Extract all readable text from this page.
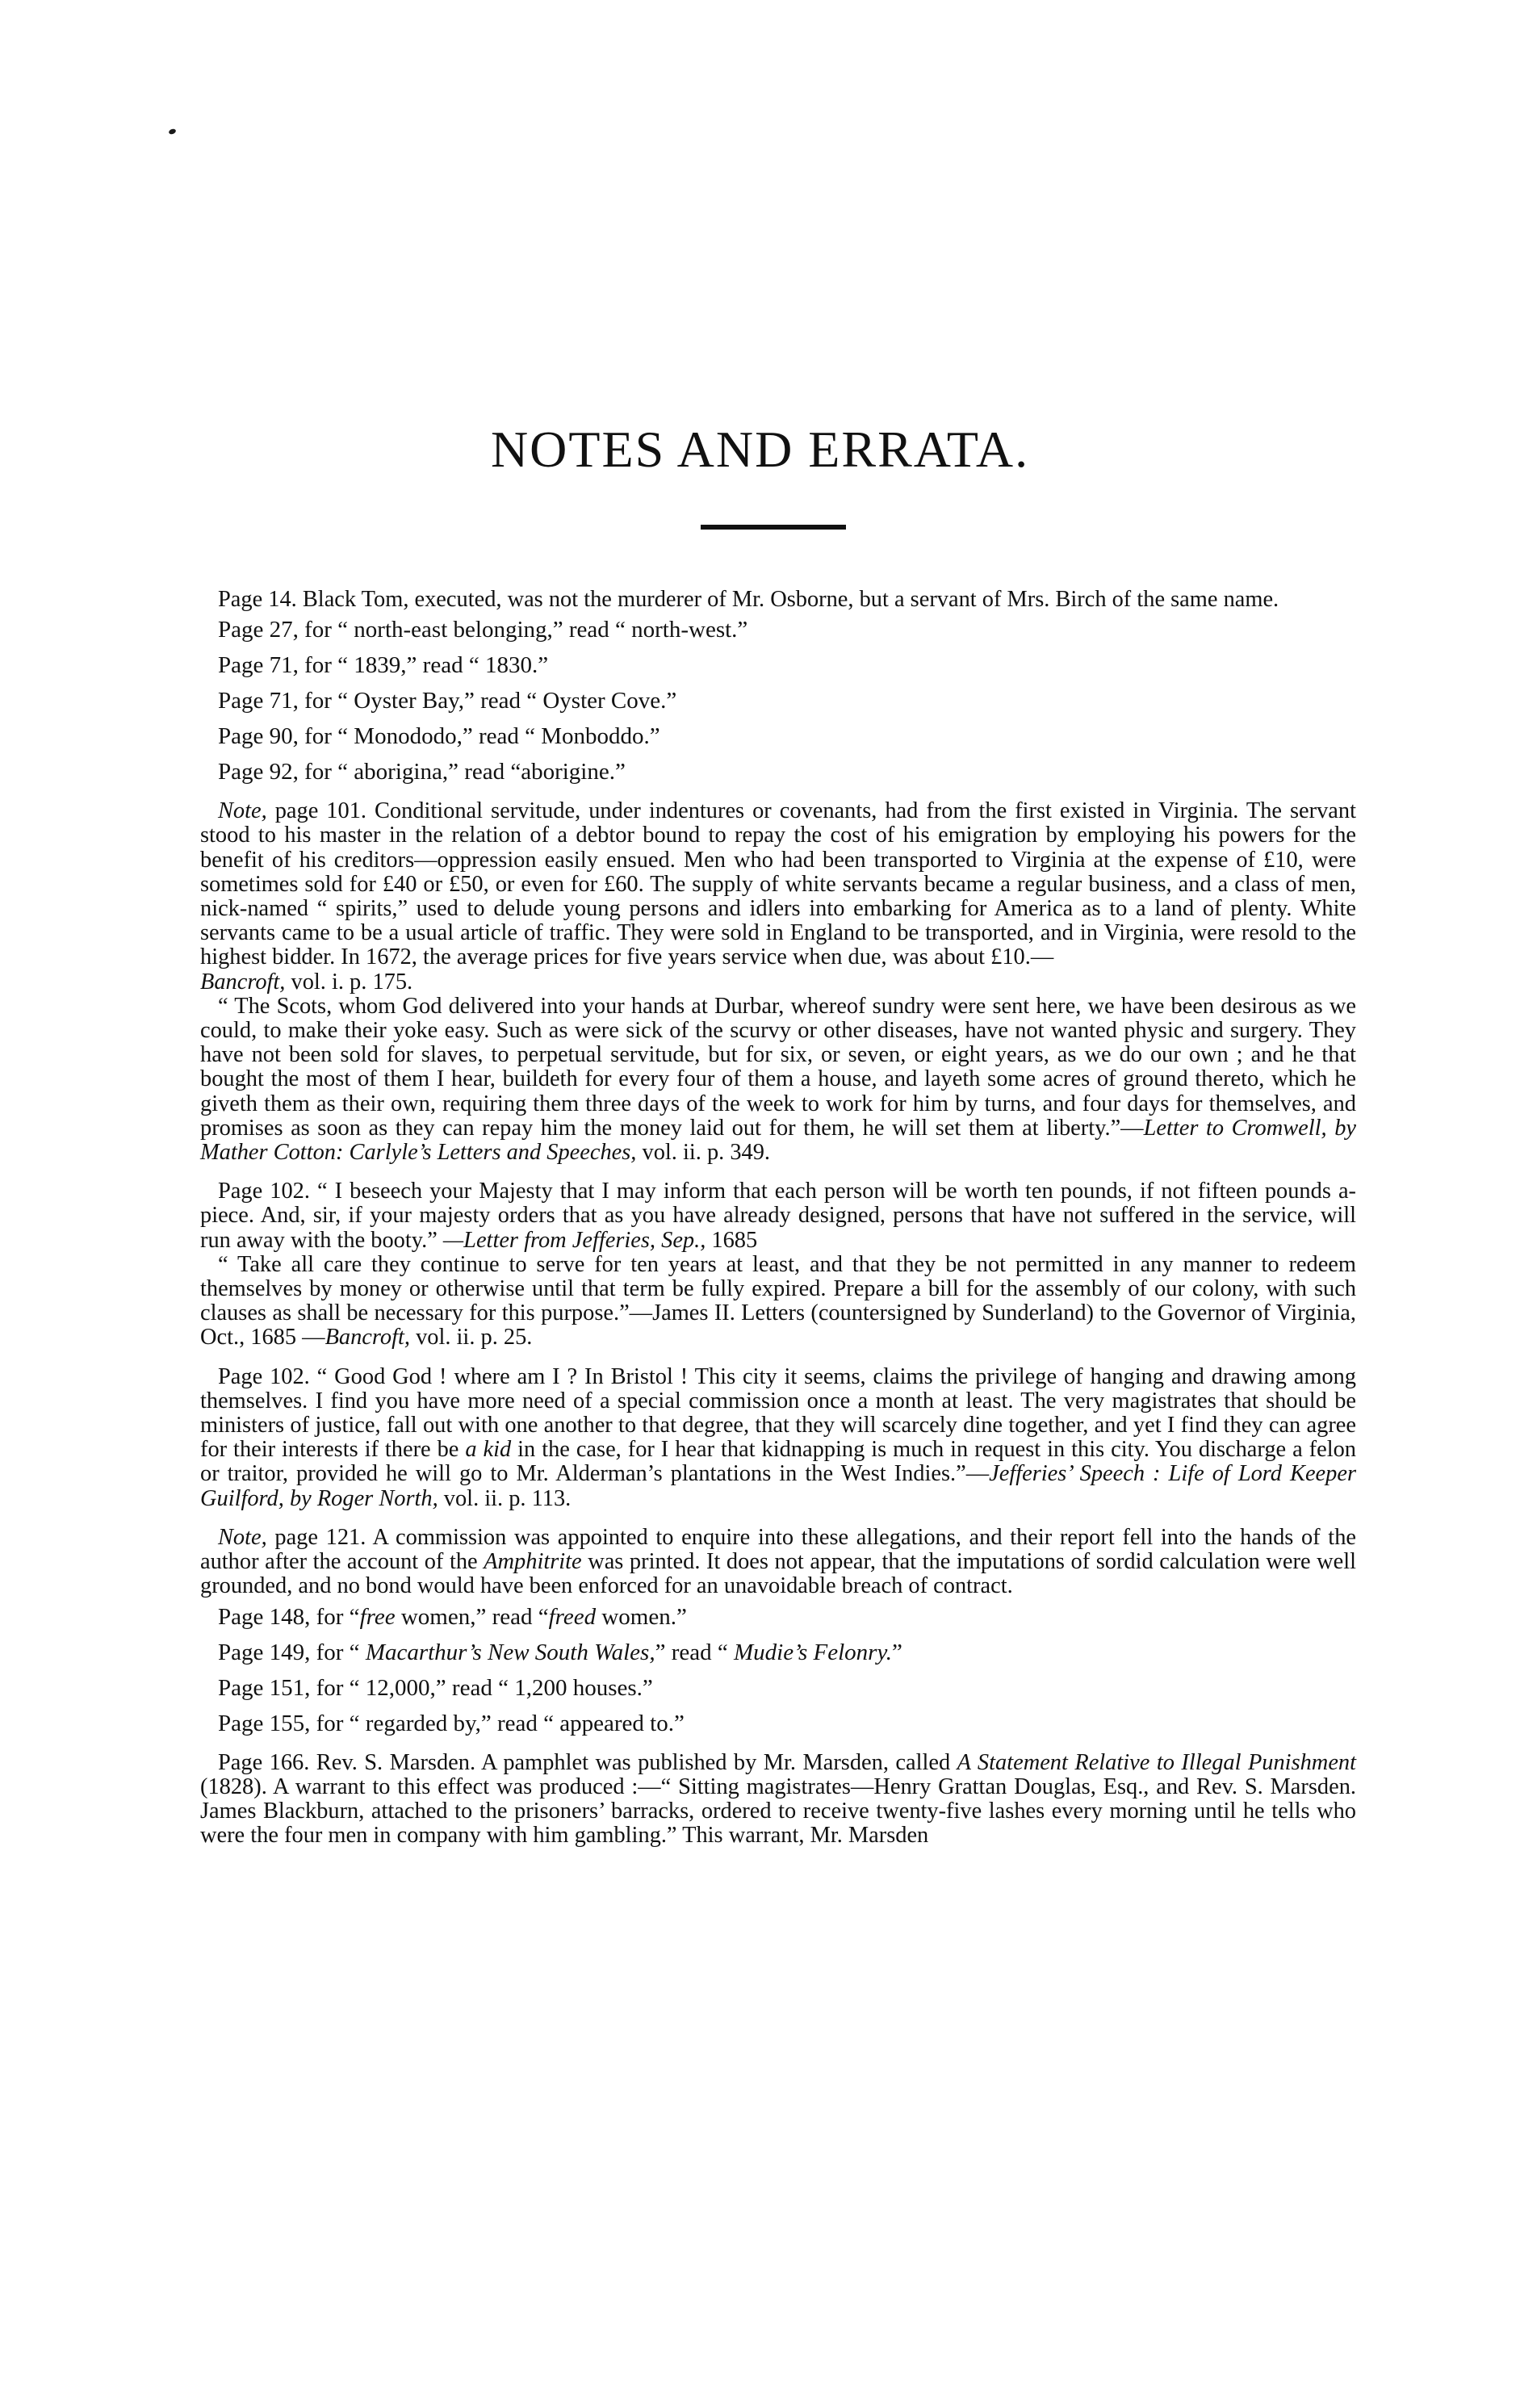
NOTES AND ERRATA.

Page 14. Black Tom, executed, was not the murderer of Mr. Osborne, but a servant of Mrs. Birch of the same name.

Page 27, for “ north-east belonging,” read “ north-west.”

Page 71, for “ 1839,” read “ 1830.”

Page 71, for “ Oyster Bay,” read “ Oyster Cove.”

Page 90, for “ Monododo,” read “ Monboddo.”

Page 92, for “ aborigina,” read “aborigine.”

Note, page 101. Conditional servitude, under indentures or covenants, had from the first existed in Virginia. The servant stood to his master in the relation of a debtor bound to repay the cost of his emigration by employing his powers for the benefit of his creditors—oppression easily ensued. Men who had been transported to Virginia at the expense of £10, were sometimes sold for £40 or £50, or even for £60. The supply of white servants became a regular business, and a class of men, nick-named “ spirits,” used to delude young persons and idlers into embarking for America as to a land of plenty. White servants came to be a usual article of traffic. They were sold in England to be transported, and in Virginia, were resold to the highest bidder. In 1672, the average prices for five years service when due, was about £10.—
Bancroft, vol. i. p. 175.

“ The Scots, whom God delivered into your hands at Durbar, whereof sundry were sent here, we have been desirous as we could, to make their yoke easy. Such as were sick of the scurvy or other diseases, have not wanted physic and surgery. They have not been sold for slaves, to perpetual servitude, but for six, or seven, or eight years, as we do our own ; and he that bought the most of them I hear, buildeth for every four of them a house, and layeth some acres of ground thereto, which he giveth them as their own, requiring them three days of the week to work for him by turns, and four days for themselves, and promises as soon as they can repay him the money laid out for them, he will set them at liberty.”—Letter to Cromwell, by Mather Cotton: Carlyle’s Letters and Speeches, vol. ii. p. 349.

Page 102. “ I beseech your Majesty that I may inform that each person will be worth ten pounds, if not fifteen pounds a-piece. And, sir, if your majesty orders that as you have already designed, persons that have not suffered in the service, will run away with the booty.” —Letter from Jefferies, Sep., 1685

“ Take all care they continue to serve for ten years at least, and that they be not permitted in any manner to redeem themselves by money or otherwise until that term be fully expired. Prepare a bill for the assembly of our colony, with such clauses as shall be necessary for this purpose.”—James II. Letters (countersigned by Sunderland) to the Governor of Virginia, Oct., 1685 —Bancroft, vol. ii. p. 25.

Page 102. “ Good God ! where am I ? In Bristol ! This city it seems, claims the privilege of hanging and drawing among themselves. I find you have more need of a special commission once a month at least. The very magistrates that should be ministers of justice, fall out with one another to that degree, that they will scarcely dine together, and yet I find they can agree for their interests if there be a kid in the case, for I hear that kidnapping is much in request in this city. You discharge a felon or traitor, provided he will go to Mr. Alderman’s plantations in the West Indies.”—Jefferies’ Speech : Life of Lord Keeper Guilford, by Roger North, vol. ii. p. 113.

Note, page 121. A commission was appointed to enquire into these allegations, and their report fell into the hands of the author after the account of the Amphitrite was printed. It does not appear, that the imputations of sordid calculation were well grounded, and no bond would have been enforced for an unavoidable breach of contract.

Page 148, for “free women,” read “freed women.”

Page 149, for “ Macarthur’s New South Wales,” read “ Mudie’s Felonry.”

Page 151, for “ 12,000,” read “ 1,200 houses.”

Page 155, for “ regarded by,” read “ appeared to.”

Page 166. Rev. S. Marsden. A pamphlet was published by Mr. Marsden, called A Statement Relative to Illegal Punishment (1828). A warrant to this effect was produced :—“ Sitting magistrates—Henry Grattan Douglas, Esq., and Rev. S. Marsden. James Blackburn, attached to the prisoners’ barracks, ordered to receive twenty-five lashes every morning until he tells who were the four men in company with him gambling.” This warrant, Mr. Marsden
